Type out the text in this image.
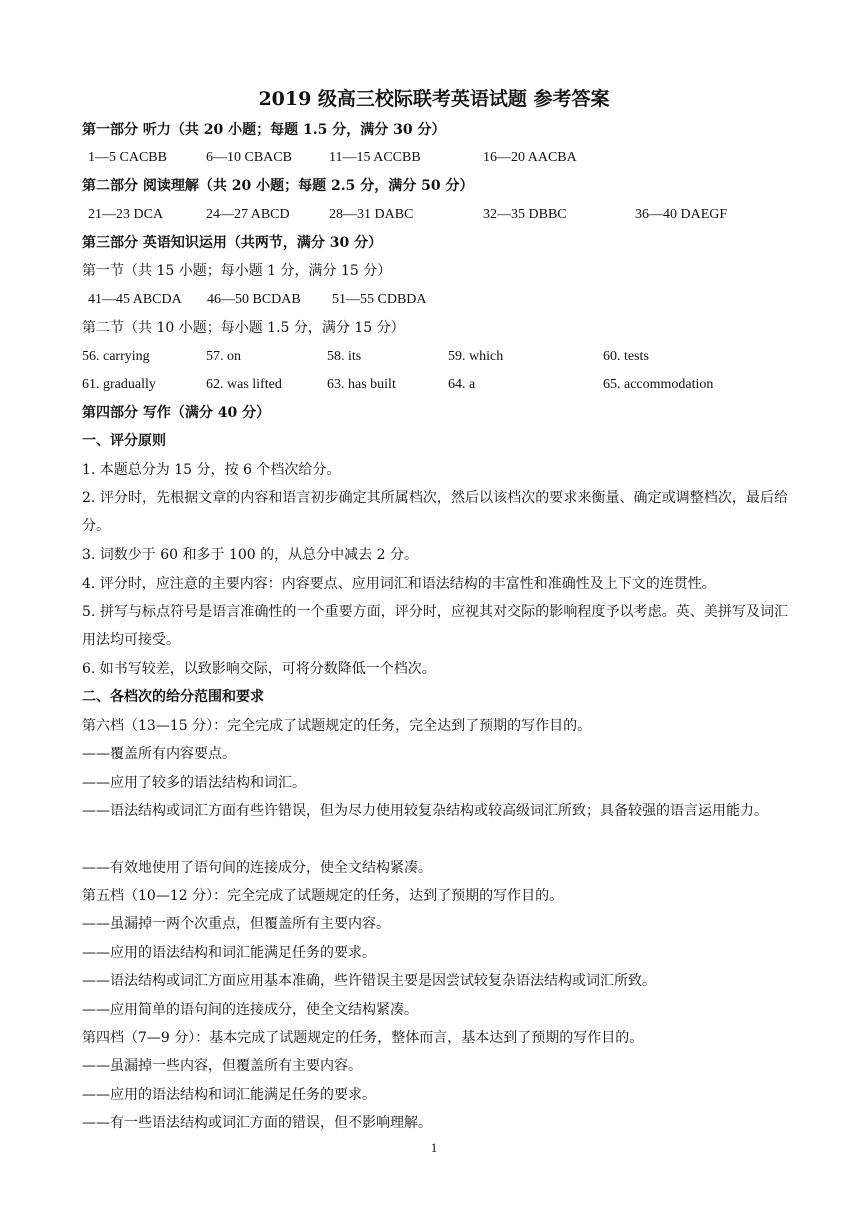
2019 级高三校际联考英语试题 参考答案
第一部分 听力（共 20 小题；每题 1.5 分，满分 30 分）
1—5 CACBB	6—10 CBACB	11—15 ACCBB	16—20 AACBA
第二部分 阅读理解（共 20 小题；每题 2.5 分，满分 50 分）
21—23 DCA	24—27 ABCD	28—31 DABC	32—35 DBBC	36—40 DAEGF
第三部分 英语知识运用（共两节，满分 30 分）
第一节（共 15 小题；每小题 1 分，满分 15 分）
41—45 ABCDA 46—50 BCDAB 51—55 CDBDA
第二节（共 10 小题；每小题 1.5 分，满分 15 分）
56. carrying	57. on	58. its	59. which	60. tests
61. gradually	62. was lifted	63. has built	64. a	65. accommodation
第四部分 写作（满分 40 分）
一、评分原则
1. 本题总分为 15 分，按 6 个档次给分。
2. 评分时，先根据文章的内容和语言初步确定其所属档次，然后以该档次的要求来衡量、确定或调整档次，最后给分。
3. 词数少于 60 和多于 100 的，从总分中减去 2 分。
4. 评分时，应注意的主要内容：内容要点、应用词汇和语法结构的丰富性和准确性及上下文的连贯性。
5. 拼写与标点符号是语言准确性的一个重要方面，评分时，应视其对交际的影响程度予以考虑。英、美拼写及词汇用法均可接受。
6. 如书写较差，以致影响交际，可将分数降低一个档次。
二、各档次的给分范围和要求
第六档（13—15 分）：完全完成了试题规定的任务，完全达到了预期的写作目的。
——覆盖所有内容要点。
——应用了较多的语法结构和词汇。
——语法结构或词汇方面有些许错误，但为尽力使用较复杂结构或较高级词汇所致；具备较强的语言运用能力。
——有效地使用了语句间的连接成分，使全文结构紧凑。
第五档（10—12 分）：完全完成了试题规定的任务，达到了预期的写作目的。
——虽漏掉一两个次重点，但覆盖所有主要内容。
——应用的语法结构和词汇能满足任务的要求。
——语法结构或词汇方面应用基本准确，些许错误主要是因尝试较复杂语法结构或词汇所致。
——应用简单的语句间的连接成分，使全文结构紧凑。
第四档（7—9 分）：基本完成了试题规定的任务，整体而言，基本达到了预期的写作目的。
——虽漏掉一些内容，但覆盖所有主要内容。
——应用的语法结构和词汇能满足任务的要求。
——有一些语法结构或词汇方面的错误，但不影响理解。
1
